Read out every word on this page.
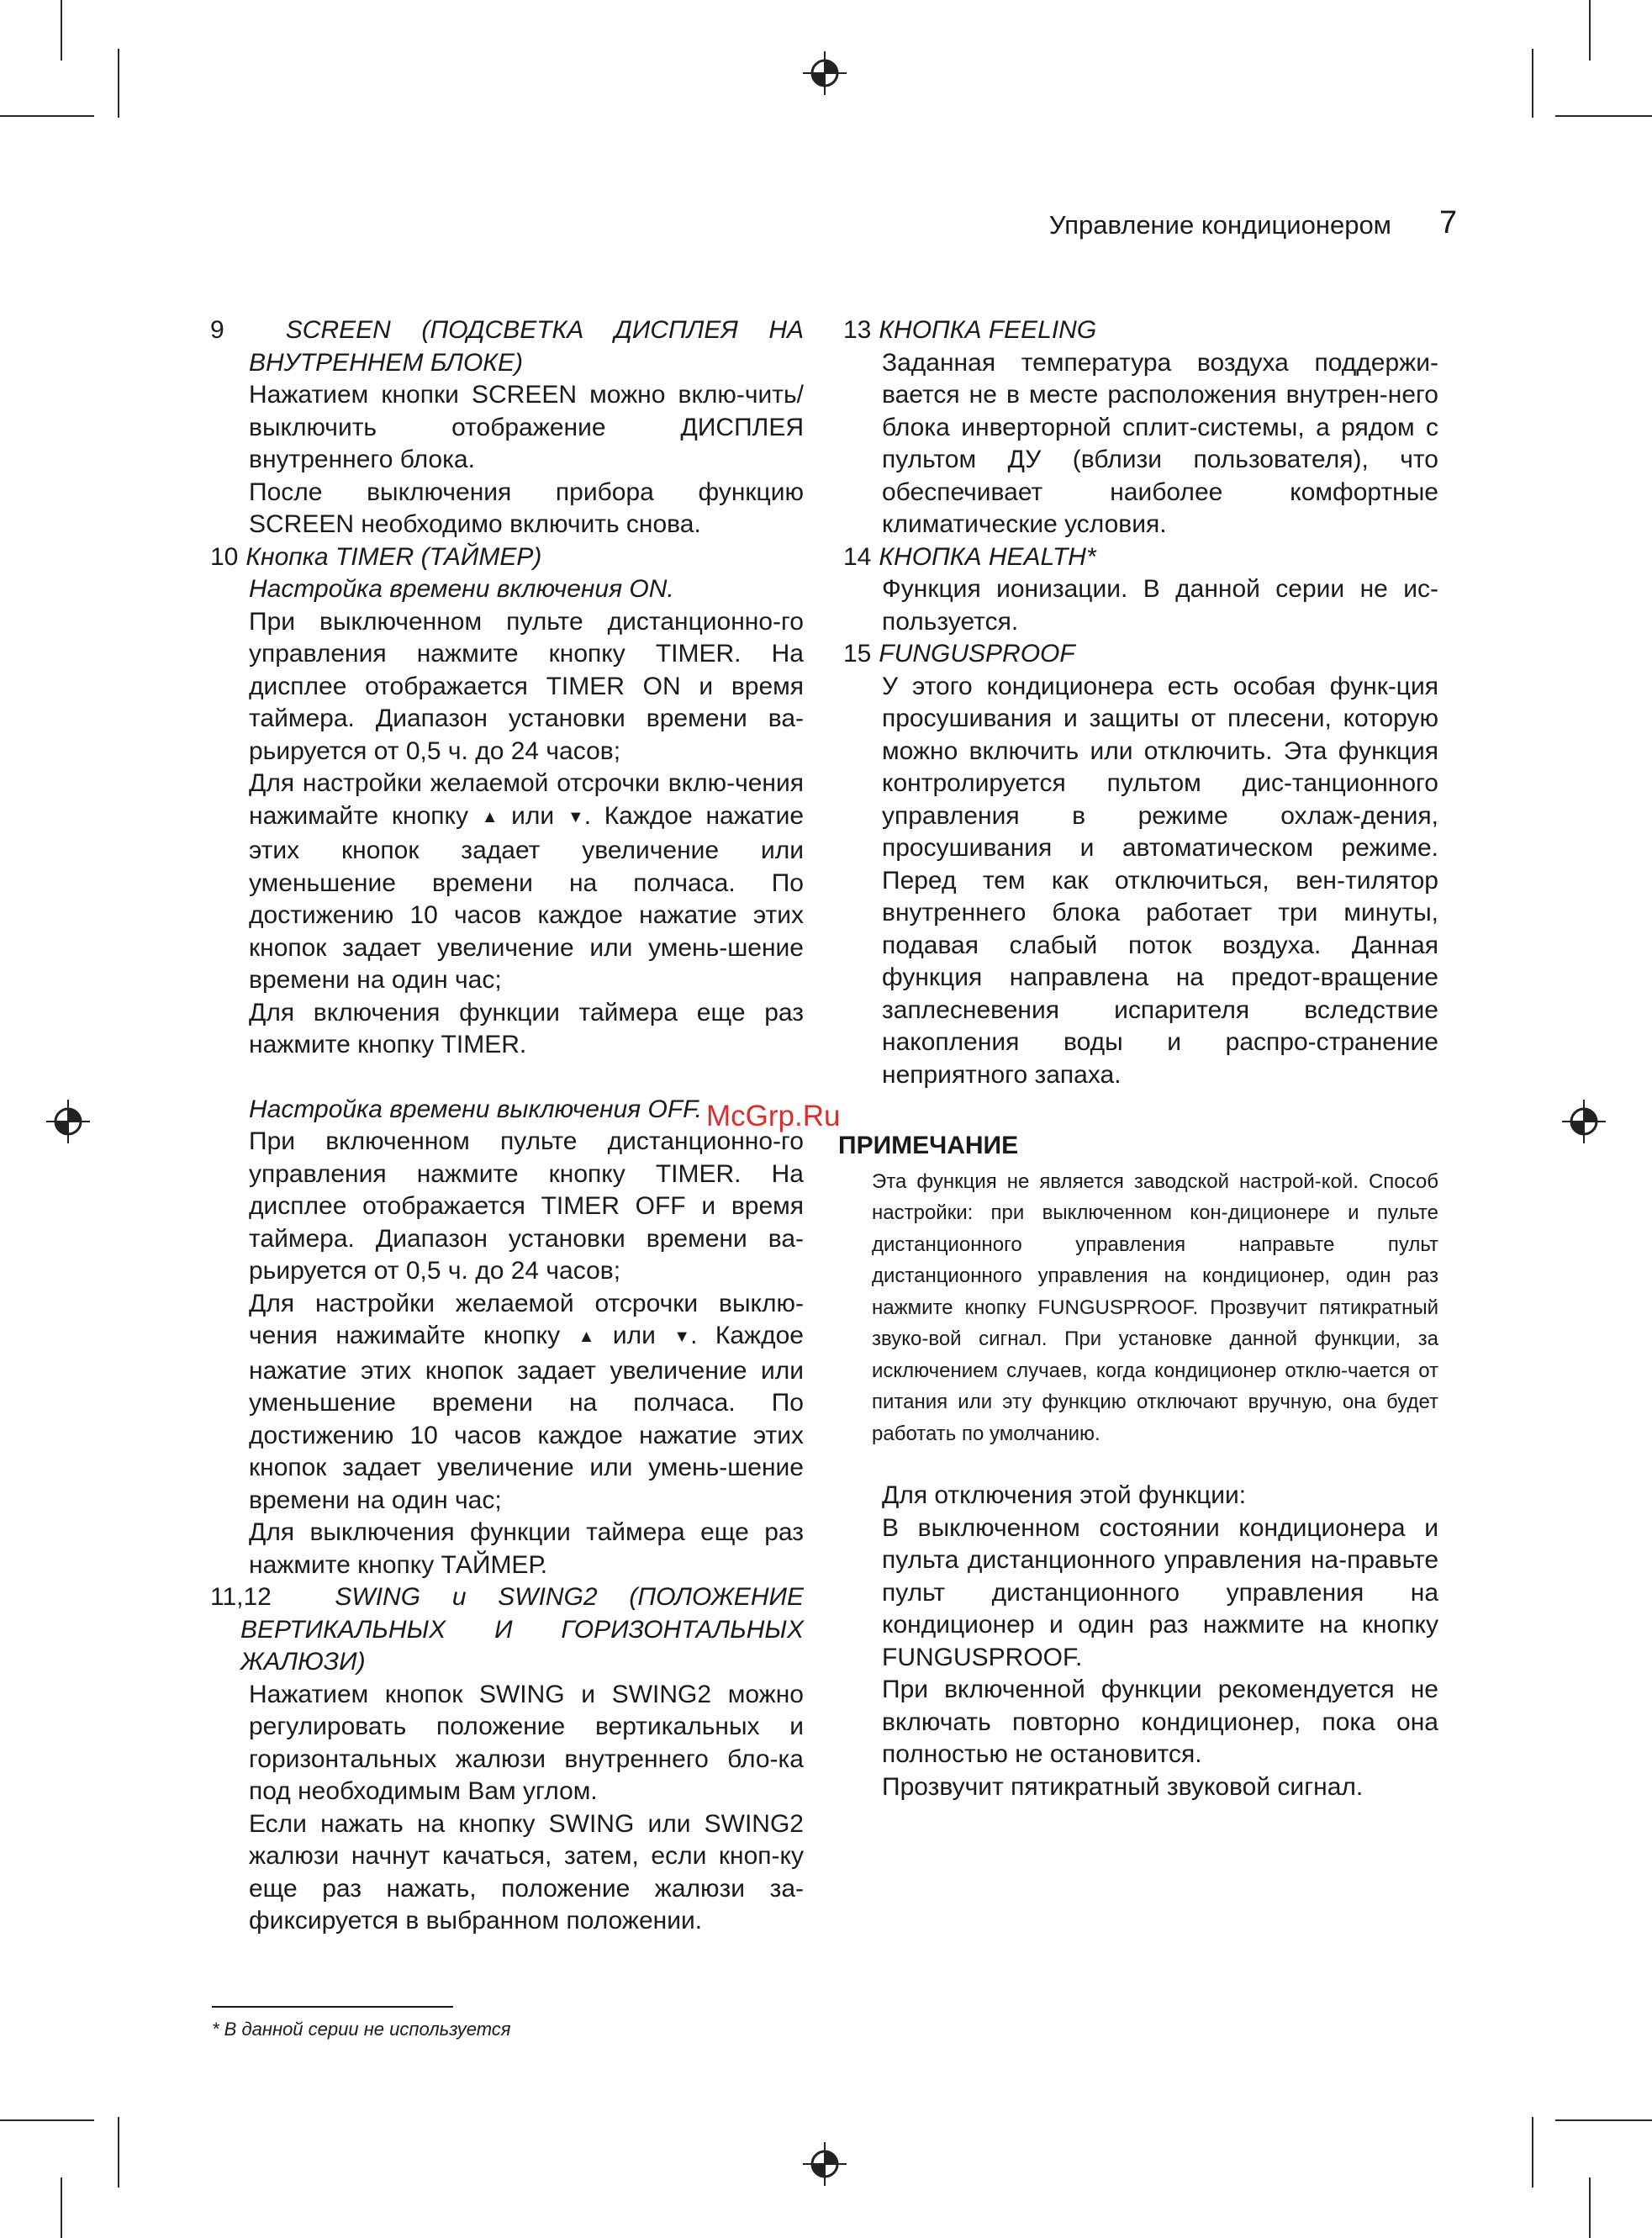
Управление кондиционером 7
9 SCREEN (ПОДСВЕТКА ДИСПЛЕЯ НА ВНУТРЕННЕМ БЛОКЕ)

Нажатием кнопки SCREEN можно вклю-чить/выключить отображение ДИСПЛЕЯ внутреннего блока.

После выключения прибора функцию SCREEN необходимо включить снова.

10 Кнопка TIMER (ТАЙМЕР)

Настройка времени включения ON.

При выключенном пульте дистанционно-го управления нажмите кнопку TIMER. На дисплее отображается TIMER ON и время таймера. Диапазон установки времени ва-рьируется от 0,5 ч. до 24 часов;

Для настройки желаемой отсрочки вклю-чения нажимайте кнопку ▲ или ▼. Каждое нажатие этих кнопок задает увеличение или уменьшение времени на полчаса. По достижению 10 часов каждое нажатие этих кнопок задает увеличение или умень-шение времени на один час;

Для включения функции таймера еще раз нажмите кнопку TIMER.

Настройка времени выключения OFF.

При включенном пульте дистанционно-го управления нажмите кнопку TIMER. На дисплее отображается TIMER OFF и время таймера. Диапазон установки времени ва-рьируется от 0,5 ч. до 24 часов;

Для настройки желаемой отсрочки выклю-чения нажимайте кнопку ▲ или ▼. Каждое нажатие этих кнопок задает увеличение или уменьшение времени на полчаса. По достижению 10 часов каждое нажатие этих кнопок задает увеличение или умень-шение времени на один час;

Для выключения функции таймера еще раз нажмите кнопку ТАЙМЕР.

11,12	SWING и SWING2 (ПОЛОЖЕНИЕ ВЕРТИКАЛЬНЫХ И ГОРИЗОНТАЛЬНЫХ ЖАЛЮЗИ)

Нажатием кнопок SWING и SWING2 можно регулировать положение вертикальных и горизонтальных жалюзи внутреннего бло-ка под необходимым Вам углом.

Если нажать на кнопку SWING или SWING2 жалюзи начнут качаться, затем, если кноп-ку еще раз нажать, положение жалюзи за-фиксируется в выбранном положении.

13 КНОПКА FEELING

Заданная температура воздуха поддержи-вается не в месте расположения внутрен-него блока инверторной сплит-системы, а рядом с пультом ДУ (вблизи пользователя), что обеспечивает наиболее комфортные климатические условия.

14 КНОПКА HEALTH*

Функция ионизации. В данной серии не ис-пользуется.

15 FUNGUSPROOF

У этого кондиционера есть особая функ-ция просушивания и защиты от плесени, которую можно включить или отключить. Эта функция контролируется пультом дис-танционного управления в режиме охлаж-дения, просушивания и автоматическом режиме. Перед тем как отключиться, вен-тилятор внутреннего блока работает три минуты, подавая слабый поток воздуха. Данная функция направлена на предот-вращение заплесневения испарителя вследствие накопления воды и распро-странение неприятного запаха.

ПРИМЕЧАНИЕ

Эта функция не является заводской настрой-кой. Способ настройки: при выключенном кон-диционере и пульте дистанционного управления направьте пульт дистанционного управления на кондиционер, один раз нажмите кнопку FUNGUSPROOF. Прозвучит пятикратный звуко-вой сигнал. При установке данной функции, за исключением случаев, когда кондиционер отклю-чается от питания или эту функцию отключают вручную, она будет работать по умолчанию.

Для отключения этой функции:

В выключенном состоянии кондиционера и пульта дистанционного управления на-правьте пульт дистанционного управления на кондиционер и один раз нажмите на кнопку FUNGUSPROOF.

При включенной функции рекомендуется не включать повторно кондиционер, пока она полностью не остановится.

Прозвучит пятикратный звуковой сигнал.

McGrp.Ru
* В данной серии не используется
